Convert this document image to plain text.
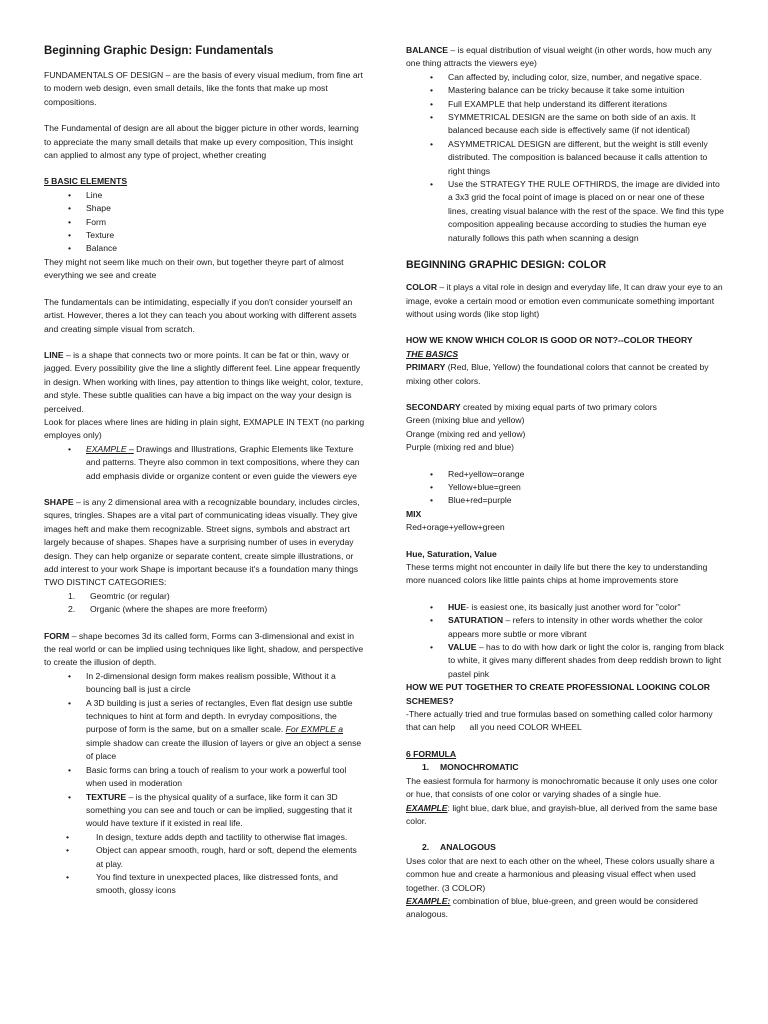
Beginning Graphic Design: Fundamentals

FUNDAMENTALS OF DESIGN – are the basis of every visual medium, from fine art to modern web design, even small details, like the fonts that make up most compositions.

The Fundamental of design are all about the bigger picture in other words, learning to appreciate the many small details that make up every composition, This insight can applied to almost any type of project, whether creating

5 BASIC ELEMENTS

• Line
• Shape
• Form
• Texture
• Balance

They might not seem like much on their own, but together theyre part of almost everything we see and create

The fundamentals can be intimidating, especially if you don't consider yourself an artist. However, theres a lot they can teach you about working with different assets and creating simple visual from scratch.

LINE – is a shape that connects two or more points. It can be fat or thin, wavy or jagged. Every possibility give the line a slightly different feel. Line appear frequently in design. When working with lines, pay attention to things like weight, color, texture, and style. These subtle qualities can have a big impact on the way your design is perceived.

Look for places where lines are hiding in plain sight, EXMAPLE IN TEXT (no parking employes only)

• EXAMPLE – Drawings and Illustrations, Graphic Elements like Texture and patterns. Theyre also common in text compositions, where they can add emphasis divide or organize content or even guide the viewers eye

SHAPE – is any 2 dimensional area with a recognizable boundary, includes circles, squres, tringles. Shapes are a vital part of communicating ideas visually. They give images heft and make them recognizable. Street signs, symbols and abstract art largely because of shapes. Shapes have a surprising number of uses in everyday design. They can help organize or separate content, create simple illustrations, or add interest to your work Shape is important because it's a foundation many things

TWO DISTINCT CATEGORIES:

1. Geomtric (or regular)
2. Organic (where the shapes are more freeform)

FORM – shape becomes 3d its called form, Forms can 3-dimensional and exist in the real world or can be implied using techniques like light, shadow, and perspective to create the illusion of depth.

• In 2-dimensional design form makes realism possible, Without it a bouncing ball is just a circle
• A 3D building is just a series of rectangles, Even flat design use subtle techniques to hint at form and depth. In evryday compositions, the purpose of form is the same, but on a smaller scale. For EXMPLE a simple shadow can create the illusion of layers or give an object a sense of place
• Basic forms can bring a touch of realism to your work a powerful tool when used in moderation
• TEXTURE – is the physical quality of a surface, like form it can 3D something you can see and touch or can be implied, suggesting that it would have texture if it existed in real life.
• In design, texture adds depth and tactility to otherwise flat images.
• Object can appear smooth, rough, hard or soft, depend the elements at play.
• You find texture in unexpected places, like distressed fonts, and smooth, glossy icons

BALANCE – is equal distribution of visual weight (in other words, how much any one thing attracts the viewers eye)

• Can affected by, including color, size, number, and negative space.
• Mastering balance can be tricky because it take some intuition
• Full EXAMPLE that help understand its different iterations
• SYMMETRICAL DESIGN are the same on both side of an axis. It balanced because each side is effectively same (if not identical)
• ASYMMETRICAL DESIGN are different, but the weight is still evenly distributed. The composition is balanced because it calls attention to right things
• Use the STRATEGY THE RULE OFTHIRDS, the image are divided into a 3x3 grid the focal point of image is placed on or near one of these lines, creating visual balance with the rest of the space. We find this type composition appealing because according to studies the human eye naturally follows this path when scanning a design
BEGINNING GRAPHIC DESIGN: COLOR

COLOR – it plays a vital role in design and everyday life, It can draw your eye to an image, evoke a certain mood or emotion even communicate something important without using words (like stop light)

HOW WE KNOW WHICH COLOR IS GOOD OR NOT?--COLOR THEORY

THE BASICS

PRIMARY (Red, Blue, Yellow) the foundational colors that cannot be created by mixing other colors.

SECONDARY created by mixing equal parts of two primary colors

Green (mixing blue and yellow)

Orange (mixing red and yellow)

Purple (mixing red and blue)

• Red+yellow=orange
• Yellow+blue=green
• Blue+red=purple

MIX

Red+orage+yellow+green

Hue, Saturation, Value

These terms might not encounter in daily life but there the key to understanding more nuanced colors like little paints chips at home improvements store

• HUE- is easiest one, its basically just another word for "color"
• SATURATION – refers to intensity in other words whether the color appears more subtle or more vibrant
• VALUE – has to do with how dark or light the color is, ranging from black to white, it gives many different shades from deep reddish brown to light pastel pink

HOW WE PUT TOGETHER TO CREATE PROFESSIONAL LOOKING COLOR SCHEMES?

-There actually tried and true formulas based on something called color harmony that can help      all you need COLOR WHEEL

6 FORMULA

1. MONOCHROMATIC

The easiest formula for harmony is monochromatic because it only uses one color or hue, that consists of one color or varying shades of a single hue.

EXAMPLE: light blue, dark blue, and grayish-blue, all derived from the same base color.

2. ANALOGOUS

Uses color that are next to each other on the wheel, These colors usually share a common hue and create a harmonious and pleasing visual effect when used together. (3 COLOR)

EXAMPLE: combination of blue, blue-green, and green would be considered analogous.
